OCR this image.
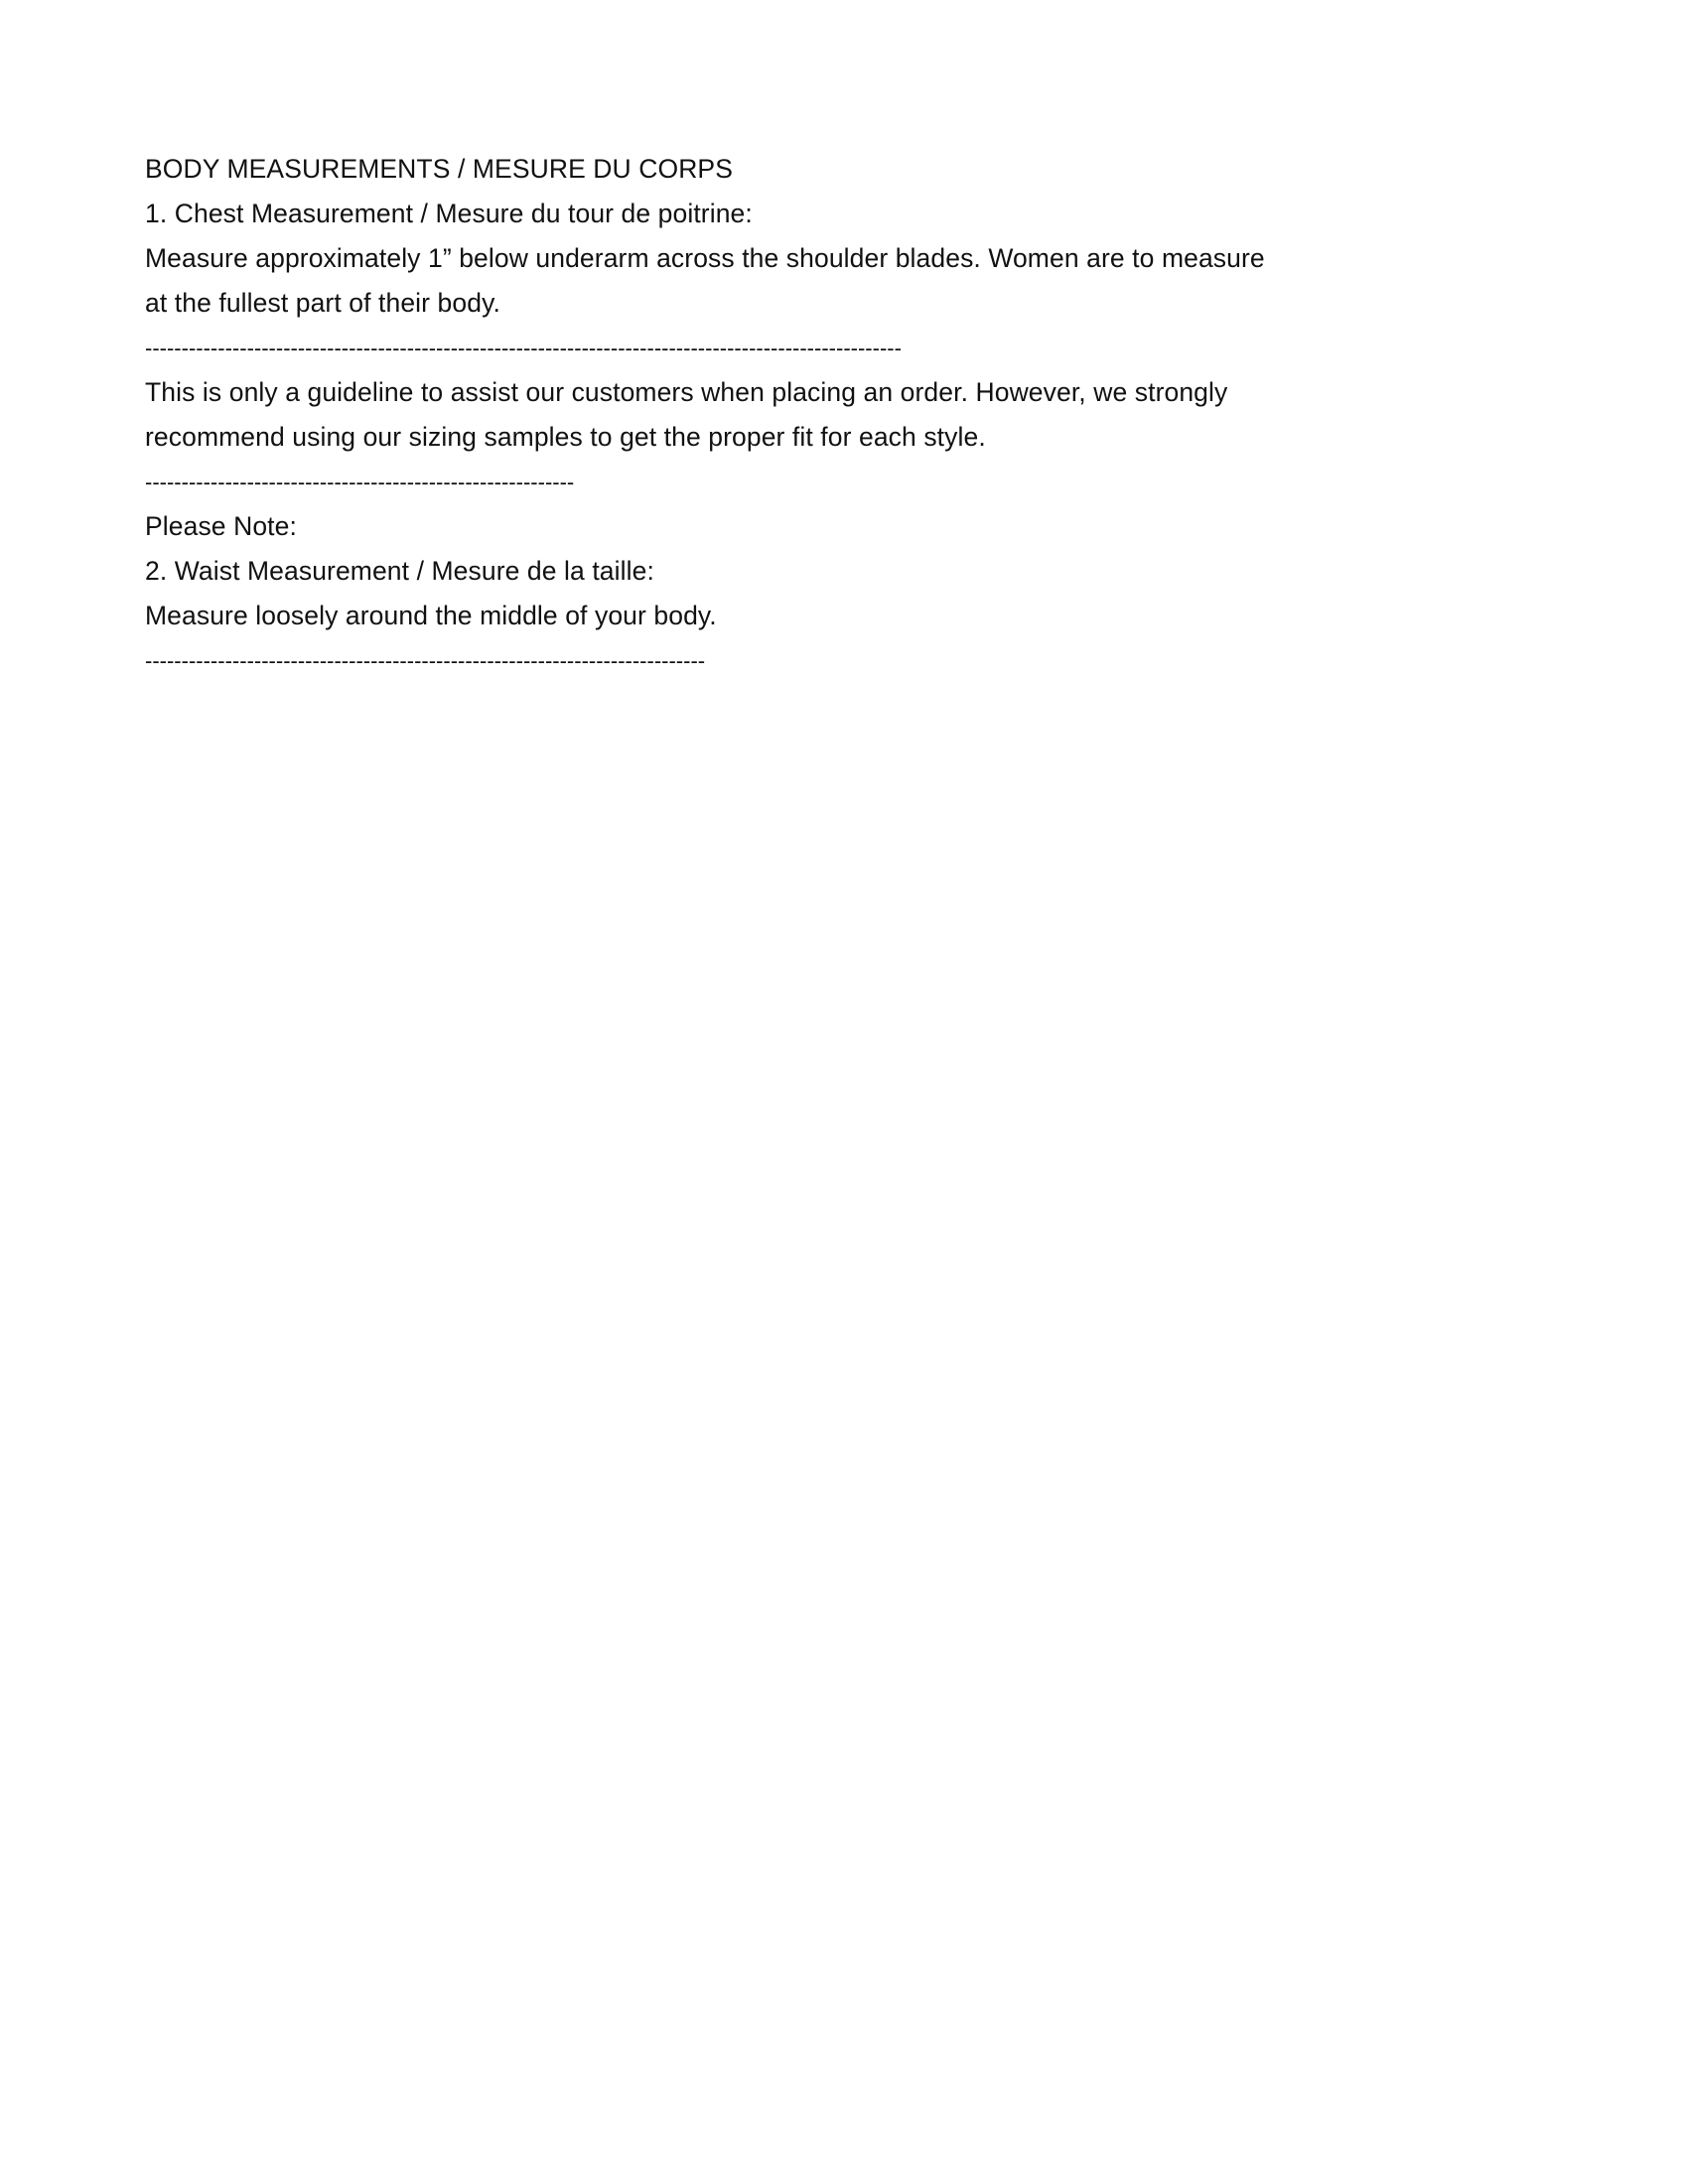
BODY MEASUREMENTS / MESURE DU CORPS
1. Chest Measurement / Mesure du tour de poitrine:
Measure approximately 1” below underarm across the shoulder blades. Women are to measure at the fullest part of their body.
--------------------------------------------------------------------------------------------------------
This is only a guideline to assist our customers when placing an order. However, we strongly recommend using our sizing samples to get the proper fit for each style.
-----------------------------------------------------------
Please Note:
2. Waist Measurement / Mesure de la taille:
Measure loosely around the middle of your body.
-----------------------------------------------------------------------------
